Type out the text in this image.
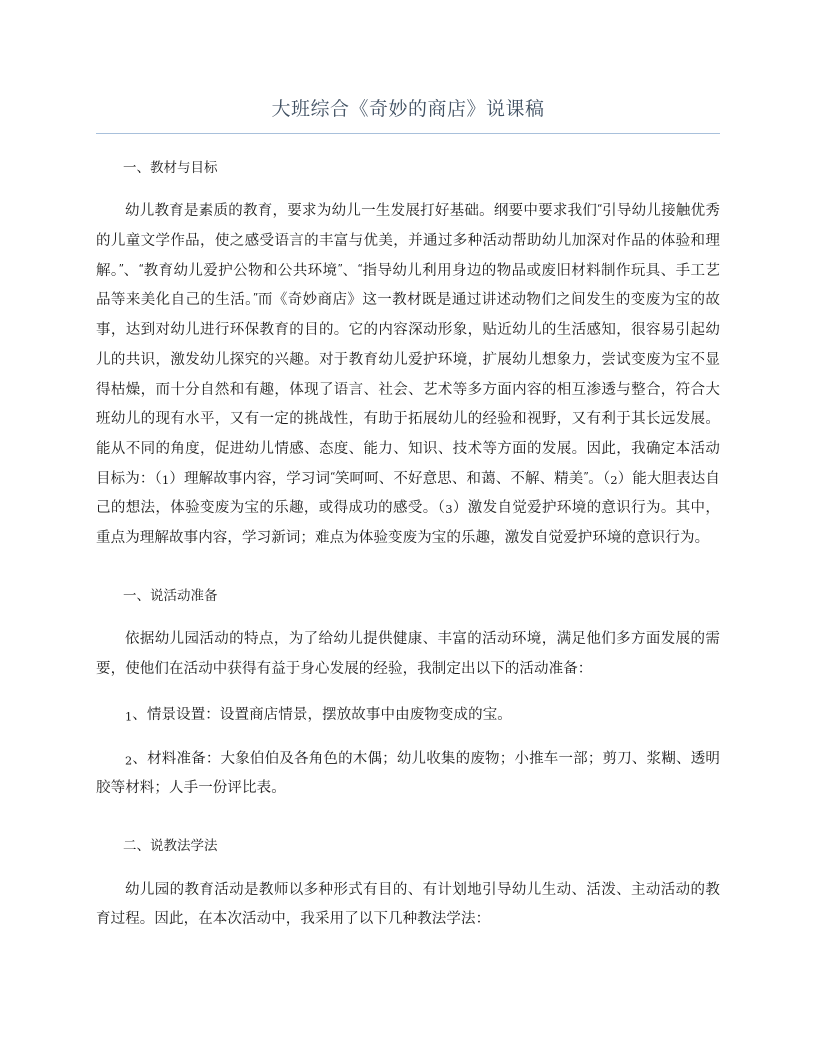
大班综合《奇妙的商店》说课稿
一、教材与目标

幼儿教育是素质的教育，要求为幼儿一生发展打好基础。纲要中要求我们“引导幼儿接触优秀的儿童文学作品，使之感受语言的丰富与优美，并通过多种活动帮助幼儿加深对作品的体验和理解。”、“教育幼儿爱护公物和公共环境”、“指导幼儿利用身边的物品或废旧材料制作玩具、手工艺品等来美化自己的生活。”而《奇妙商店》这一教材既是通过讲述动物们之间发生的变废为宝的故事，达到对幼儿进行环保教育的目的。它的内容深动形象，贴近幼儿的生活感知，很容易引起幼儿的共识，激发幼儿探究的兴趣。对于教育幼儿爱护环境，扩展幼儿想象力，尝试变废为宝不显得枯燥，而十分自然和有趣，体现了语言、社会、艺术等多方面内容的相互渗透与整合，符合大班幼儿的现有水平，又有一定的挑战性，有助于拓展幼儿的经验和视野，又有利于其长远发展。能从不同的角度，促进幼儿情感、态度、能力、知识、技术等方面的发展。因此，我确定本活动目标为：（1）理解故事内容，学习词“笑呵呵、不好意思、和蔼、不解、精美”。（2）能大胆表达自己的想法，体验变废为宝的乐趣，或得成功的感受。（3）激发自觉爱护环境的意识行为。其中，重点为理解故事内容，学习新词；难点为体验变废为宝的乐趣，激发自觉爱护环境的意识行为。

一、说活动准备

依据幼儿园活动的特点，为了给幼儿提供健康、丰富的活动环境，满足他们多方面发展的需要，使他们在活动中获得有益于身心发展的经验，我制定出以下的活动准备：

1、情景设置：设置商店情景，摆放故事中由废物变成的宝。

2、材料准备：大象伯伯及各角色的木偶；幼儿收集的废物；小推车一部；剪刀、浆糊、透明胶等材料；人手一份评比表。

二、说教法学法

幼儿园的教育活动是教师以多种形式有目的、有计划地引导幼儿生动、活泼、主动活动的教育过程。因此，在本次活动中，我采用了以下几种教法学法：
